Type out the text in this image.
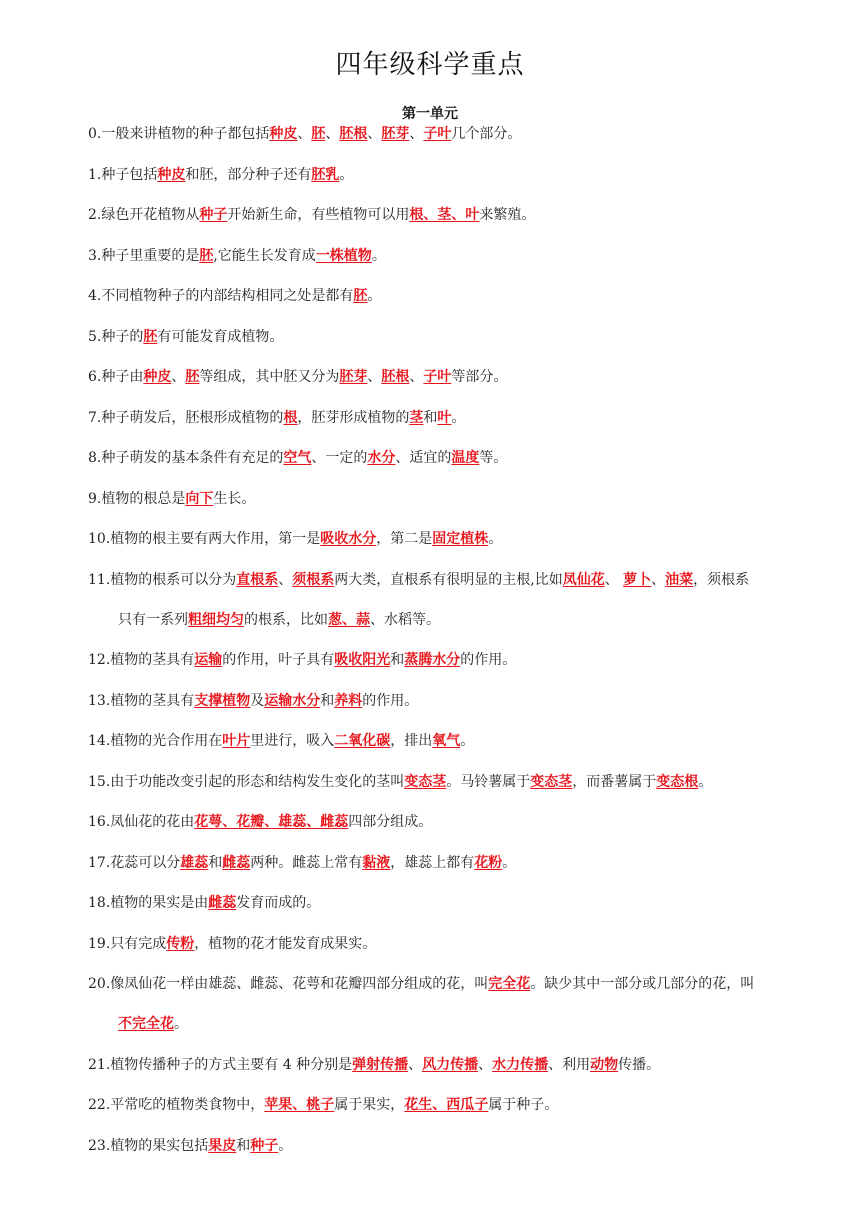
四年级科学重点
第一单元
0.一般来讲植物的种子都包括种皮、胚、胚根、胚芽、子叶几个部分。
1.种子包括种皮和胚，部分种子还有胚乳。
2.绿色开花植物从种子开始新生命，有些植物可以用根、茎、叶来繁殖。
3.种子里重要的是胚,它能生长发育成一株植物。
4.不同植物种子的内部结构相同之处是都有胚。
5.种子的胚有可能发育成植物。
6.种子由种皮、胚等组成，其中胚又分为胚芽、胚根、子叶等部分。
7.种子萌发后，胚根形成植物的根，胚芽形成植物的茎和叶。
8.种子萌发的基本条件有充足的空气、一定的水分、适宜的温度等。
9.植物的根总是向下生长。
10.植物的根主要有两大作用，第一是吸收水分，第二是固定植株。
11.植物的根系可以分为直根系、须根系两大类，直根系有很明显的主根,比如凤仙花、 萝卜、油菜，须根系
只有一系列粗细均匀的根系，比如葱、蒜、水稻等。
12.植物的茎具有运输的作用，叶子具有吸收阳光和蒸腾水分的作用。
13.植物的茎具有支撑植物及运输水分和养料的作用。
14.植物的光合作用在叶片里进行，吸入二氧化碳，排出氧气。
15.由于功能改变引起的形态和结构发生变化的茎叫变态茎。马铃薯属于变态茎，而番薯属于变态根。
16.凤仙花的花由花萼、花瓣、雄蕊、雌蕊四部分组成。
17.花蕊可以分雄蕊和雌蕊两种。雌蕊上常有黏液，雄蕊上都有花粉。
18.植物的果实是由雌蕊发育而成的。
19.只有完成传粉，植物的花才能发育成果实。
20.像凤仙花一样由雄蕊、雌蕊、花萼和花瓣四部分组成的花，叫完全花。缺少其中一部分或几部分的花，叫
不完全花。
21.植物传播种子的方式主要有 4 种分别是弹射传播、风力传播、水力传播、利用动物传播。
22.平常吃的植物类食物中，苹果、桃子属于果实，花生、西瓜子属于种子。
23.植物的果实包括果皮和种子。
